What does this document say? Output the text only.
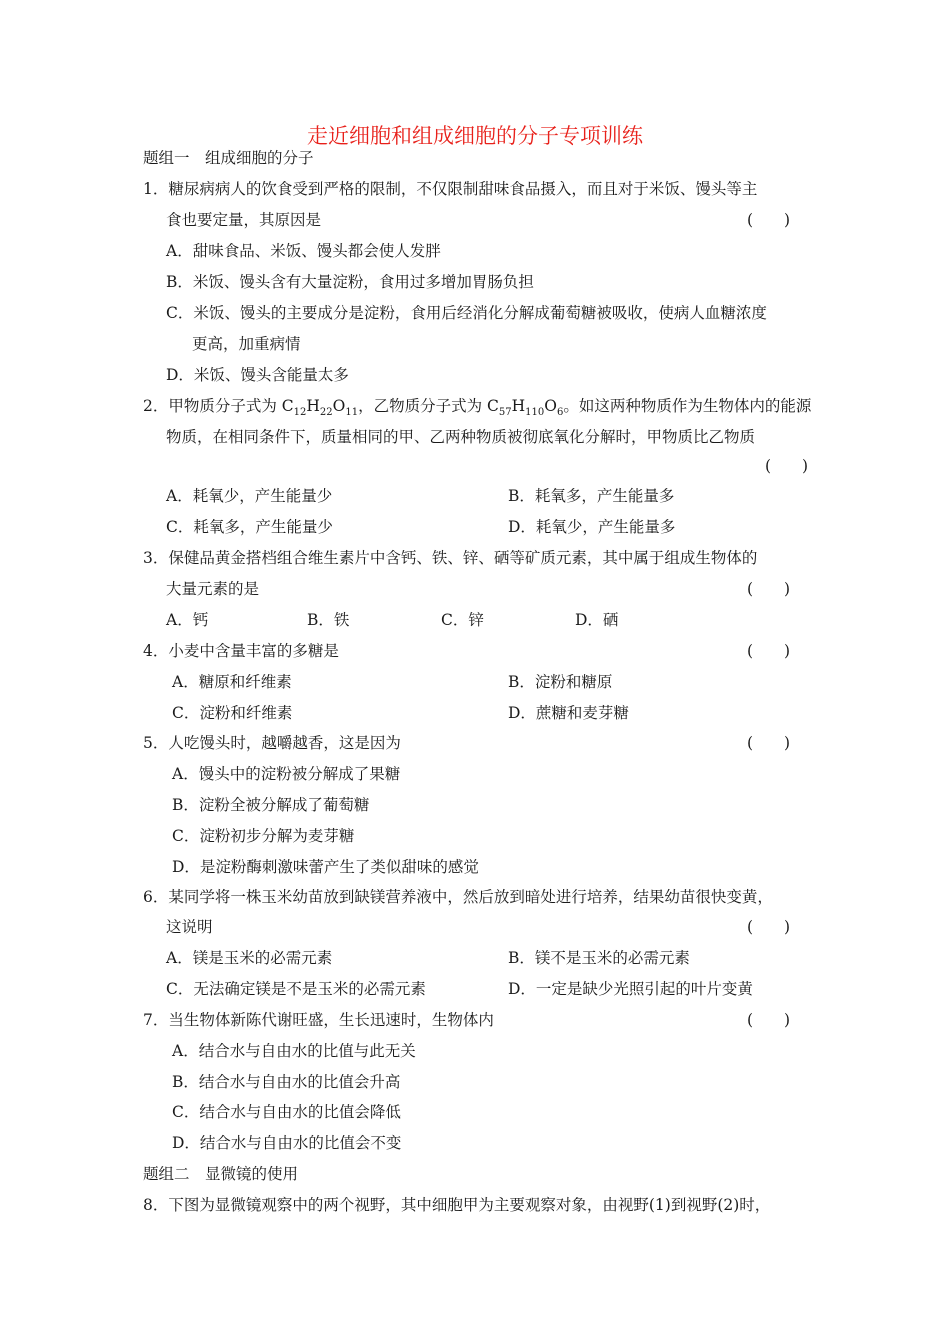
走近细胞和组成细胞的分子专项训练
题组一　组成细胞的分子
1．糖尿病病人的饮食受到严格的限制，不仅限制甜味食品摄入，而且对于米饭、馒头等主
食也要定量，其原因是	(　　)
A．甜味食品、米饭、馒头都会使人发胖
B．米饭、馒头含有大量淀粉，食用过多增加胃肠负担
C．米饭、馒头的主要成分是淀粉，食用后经消化分解成葡萄糖被吸收，使病人血糖浓度
更高，加重病情
D．米饭、馒头含能量太多
2．甲物质分子式为 $C_{12}H_{22}O_{11}$，乙物质分子式为 $C_{57}H_{110}O_6$。如这两种物质作为生物体内的能源
物质，在相同条件下，质量相同的甲、乙两种物质被彻底氧化分解时，甲物质比乙物质
(　　)
A．耗氧少，产生能量少	B．耗氧多，产生能量多
C．耗氧多，产生能量少	D．耗氧少，产生能量多
3．保健品黄金搭档组合维生素片中含钙、铁、锌、硒等矿质元素，其中属于组成生物体的
大量元素的是	(　　)
A．钙	B．铁	C．锌	D．硒
4．小麦中含量丰富的多糖是	(　　)
A．糖原和纤维素	B．淀粉和糖原
C．淀粉和纤维素	D．蔗糖和麦芽糖
5．人吃馒头时，越嚼越香，这是因为	(　　)
A．馒头中的淀粉被分解成了果糖
B．淀粉全被分解成了葡萄糖
C．淀粉初步分解为麦芽糖
D．是淀粉酶刺激味蕾产生了类似甜味的感觉
6．某同学将一株玉米幼苗放到缺镁营养液中，然后放到暗处进行培养，结果幼苗很快变黄，
这说明	(　　)
A．镁是玉米的必需元素	B．镁不是玉米的必需元素
C．无法确定镁是不是玉米的必需元素	D．一定是缺少光照引起的叶片变黄
7．当生物体新陈代谢旺盛，生长迅速时，生物体内	(　　)
A．结合水与自由水的比值与此无关
B．结合水与自由水的比值会升高
C．结合水与自由水的比值会降低
D．结合水与自由水的比值会不变
题组二　显微镜的使用
8．下图为显微镜观察中的两个视野，其中细胞甲为主要观察对象，由视野(1)到视野(2)时，
